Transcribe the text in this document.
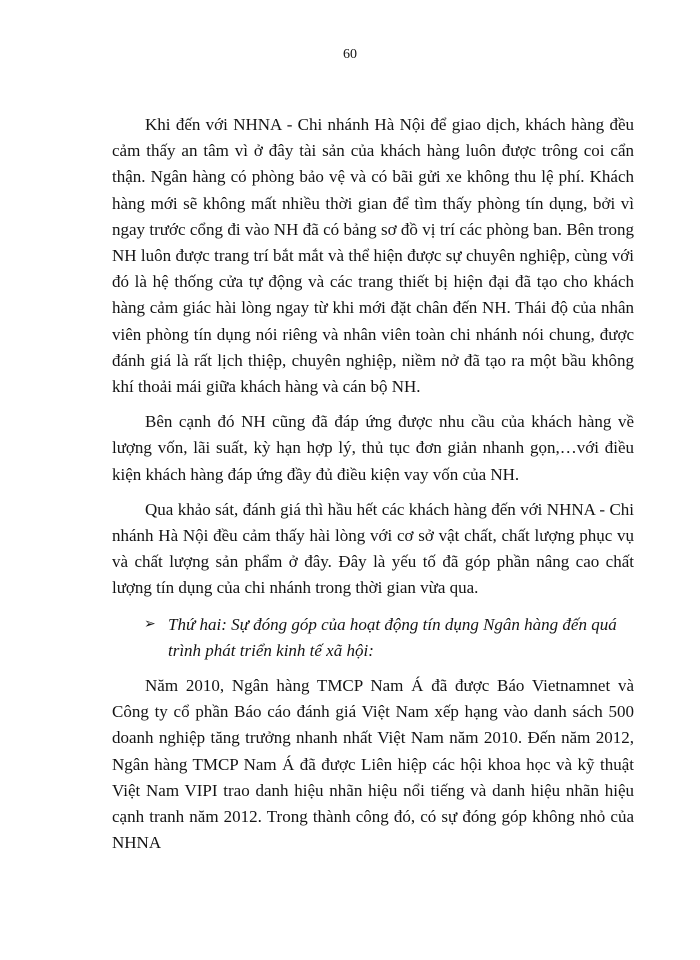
60

Khi đến với NHNA - Chi nhánh Hà Nội để giao dịch, khách hàng đều cảm thấy an tâm vì ở đây tài sản của khách hàng luôn được trông coi cẩn thận. Ngân hàng có phòng bảo vệ và có bãi gửi xe không thu lệ phí. Khách hàng mới sẽ không mất nhiều thời gian để tìm thấy phòng tín dụng, bởi vì ngay trước cổng đi vào NH đã có bảng sơ đồ vị trí các phòng ban. Bên trong NH luôn được trang trí bắt mắt và thể hiện được sự chuyên nghiệp, cùng với đó là hệ thống cửa tự động và các trang thiết bị hiện đại đã tạo cho khách hàng cảm giác hài lòng ngay từ khi mới đặt chân đến NH. Thái độ của nhân viên phòng tín dụng nói riêng và nhân viên toàn chi nhánh nói chung, được đánh giá là rất lịch thiệp, chuyên nghiệp, niềm nở đã tạo ra một bầu không khí thoải mái giữa khách hàng và cán bộ NH.

Bên cạnh đó NH cũng đã đáp ứng được nhu cầu của khách hàng về lượng vốn, lãi suất, kỳ hạn hợp lý, thủ tục đơn giản nhanh gọn,…với điều kiện khách hàng đáp ứng đầy đủ điều kiện vay vốn của NH.

Qua khảo sát, đánh giá thì hầu hết các khách hàng đến với NHNA - Chi nhánh Hà Nội đều cảm thấy hài lòng với cơ sở vật chất, chất lượng phục vụ và chất lượng sản phẩm ở đây. Đây là yếu tố đã góp phần nâng cao chất lượng tín dụng của chi nhánh trong thời gian vừa qua.

➢ Thứ hai: Sự đóng góp của hoạt động tín dụng Ngân hàng đến quá trình phát triển kinh tế xã hội:

Năm 2010, Ngân hàng TMCP Nam Á đã được Báo Vietnamnet và Công ty cổ phần Báo cáo đánh giá Việt Nam xếp hạng vào danh sách 500 doanh nghiệp tăng trưởng nhanh nhất Việt Nam năm 2010. Đến năm 2012, Ngân hàng TMCP Nam Á đã được Liên hiệp các hội khoa học và kỹ thuật Việt Nam VIPI trao danh hiệu nhãn hiệu nổi tiếng và danh hiệu nhãn hiệu cạnh tranh năm 2012. Trong thành công đó, có sự đóng góp không nhỏ của NHNA
